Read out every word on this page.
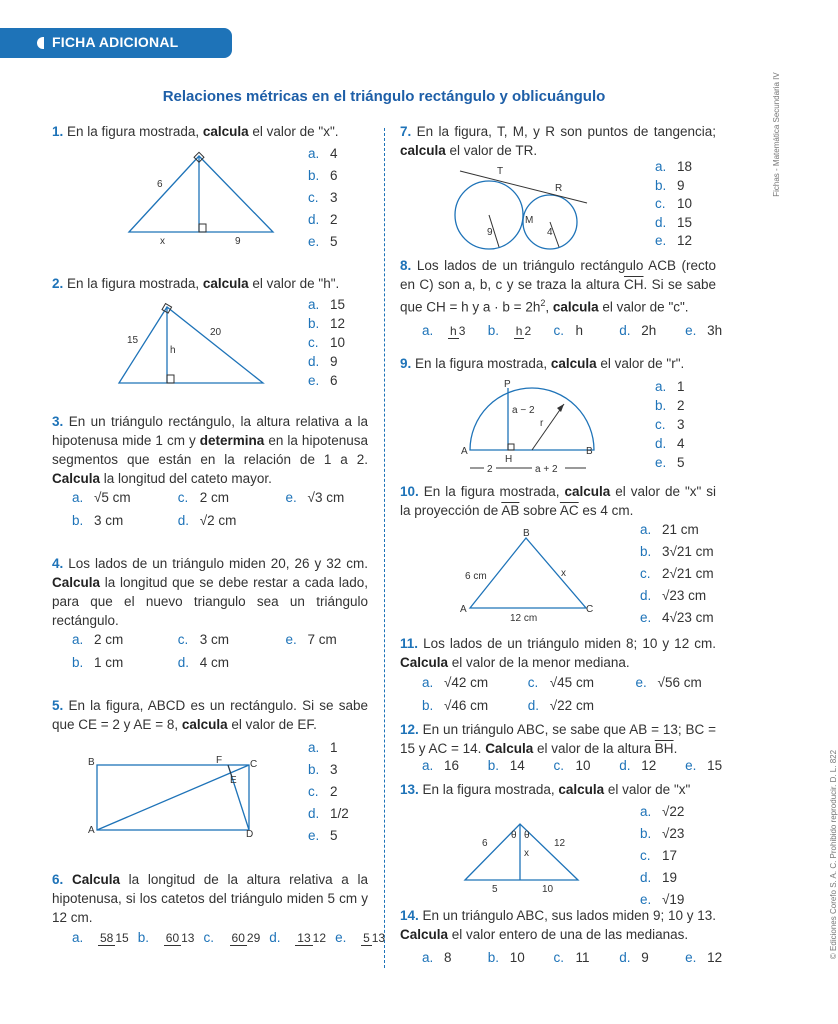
FICHA ADICIONAL
Relaciones métricas en el triángulo rectángulo y oblicuángulo	Fichas - Matemática Secundaria IV
© Ediciones Corefo S. A. C. Prohibido reproducir. D. L. 822
1. En la figura mostrada, calcula el valor de "x".
6
x	9
a. 4
b. 6
c. 3
d. 2
e. 5
2. En la figura mostrada, calcula el valor de "h".
15
20
h
a. 15
b. 12
c. 10
d. 9
e. 6
3. En un triángulo rectángulo, la altura relativa a la hipotenusa mide 1 cm y determina en la hipotenusa segmentos que están en la relación de 1 a 2. Calcula la longitud del cateto mayor.
a. √5 cm	c. 2 cm	e. √3 cm
b. 3 cm	d. √2 cm
4. Los lados de un triángulo miden 20, 26 y 32 cm. Calcula la longitud que se debe restar a cada lado, para que el nuevo triangulo sea un triángulo rectángulo.
a. 2 cm	c. 3 cm	e. 7 cm
b. 1 cm	d. 4 cm
5. En la figura, ABCD es un rectángulo. Si se sabe que CE = 2 y AE = 8, calcula el valor de EF.
B	F	C
E
A	D
a. 1
b. 3
c. 2
d. 1/2
e. 5
6. Calcula la longitud de la altura relativa a la hipotenusa, si los catetos del triángulo miden 5 cm y 12 cm.
a. 58 15 b. 60 13 c. 60 29 d. 13 12 e. 5 13
7. En la figura, T, M, y R son puntos de tangencia; calcula el valor de TR.
T
R
M
9	4
a. 18
b. 9
c. 10
d. 15
e. 12
8. Los lados de un triángulo rectángulo ACB (recto en C) son a, b, c y se traza la altura $\overline{CH}$. Si se sabe que CH = h y $a \cdot b = 2h^2$, calcula el valor de "c".
a. h 3 b. h 2 c. h	d. 2h e. 3h
9. En la figura mostrada, calcula el valor de "r".
P
A	B
H
a − 2
r
2	a + 2
a. 1
b. 2
c. 3
d. 4
e. 5
10. En la figura mostrada, calcula el valor de "x" si la proyección de $\overline{AB}$ sobre $\overline{AC}$ es 4 cm.
B
A	C
6 cm	x
12 cm
a. 21 cm
b. 3√21 cm
c. 2√21 cm
d. √23 cm
e. 4√23 cm
11. Los lados de un triángulo miden 8; 10 y 12 cm. Calcula el valor de la menor mediana.
a. √42 cm	c. √45 cm	e. √56 cm
b. √46 cm	d. √22 cm
12. En un triángulo ABC, se sabe que AB = 13; BC = 15 y AC = 14. Calcula el valor de la altura $\overline{BH}$.
a. 16 b. 14 c. 10 d. 12 e. 15
13. En la figura mostrada, calcula el valor de "x"
6	12
θ θ
x
5	10
a. √22
b. √23
c. 17
d. 19
e. √19
14. En un triángulo ABC, sus lados miden 9; 10 y 13. Calcula el valor entero de una de las medianas.
a. 8	b. 10 c. 11 d. 9	e. 12
